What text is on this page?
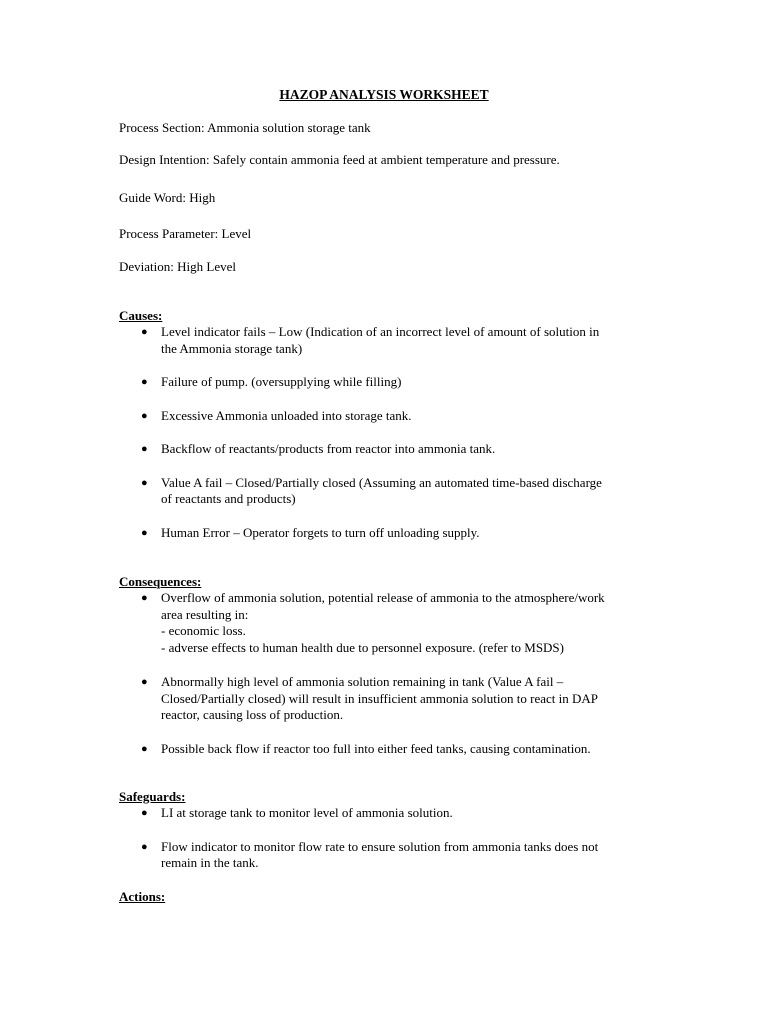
HAZOP ANALYSIS WORKSHEET
Process Section: Ammonia solution storage tank
Design Intention: Safely contain ammonia feed at ambient temperature and pressure.
Guide Word: High
Process Parameter: Level
Deviation: High Level
Causes:
● Level indicator fails – Low (Indication of an incorrect level of amount of solution in
the Ammonia storage tank)
● Failure of pump. (oversupplying while filling)
● Excessive Ammonia unloaded into storage tank.
● Backflow of reactants/products from reactor into ammonia tank.
● Value A fail – Closed/Partially closed (Assuming an automated time-based discharge
of reactants and products)
● Human Error – Operator forgets to turn off unloading supply.
Consequences:
● Overflow of ammonia solution, potential release of ammonia to the atmosphere/work
area resulting in:
- economic loss.
- adverse effects to human health due to personnel exposure. (refer to MSDS)
● Abnormally high level of ammonia solution remaining in tank (Value A fail –
Closed/Partially closed) will result in insufficient ammonia solution to react in DAP
reactor, causing loss of production.
● Possible back flow if reactor too full into either feed tanks, causing contamination.
Safeguards:
● LI at storage tank to monitor level of ammonia solution.
● Flow indicator to monitor flow rate to ensure solution from ammonia tanks does not
remain in the tank.
Actions:
